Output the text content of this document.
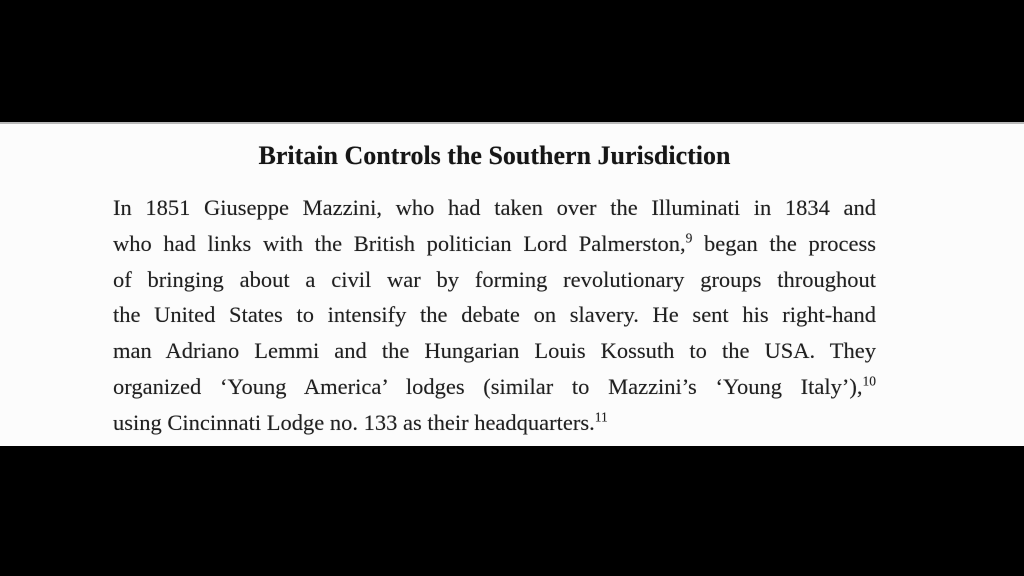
Britain Controls the Southern Jurisdiction
In 1851 Giuseppe Mazzini, who had taken over the Illuminati in 1834 and
who had links with the British politician Lord Palmerston,$^9$ began the process
of bringing about a civil war by forming revolutionary groups throughout
the United States to intensify the debate on slavery. He sent his right-hand
man Adriano Lemmi and the Hungarian Louis Kossuth to the USA. They
organized ‘Young America’ lodges (similar to Mazzini’s ‘Young Italy’),$^{10}$
using Cincinnati Lodge no. 133 as their headquarters.$^{11}$
